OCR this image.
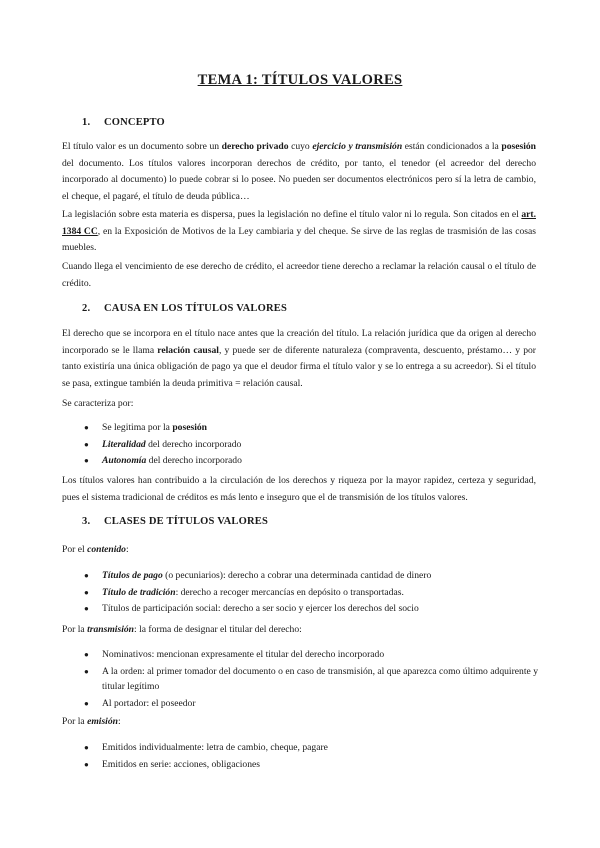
TEMA 1: TÍTULOS VALORES
1. CONCEPTO

El título valor es un documento sobre un derecho privado cuyo ejercicio y transmisión están condicionados a la posesión del documento. Los títulos valores incorporan derechos de crédito, por tanto, el tenedor (el acreedor del derecho incorporado al documento) lo puede cobrar si lo posee. No pueden ser documentos electrónicos pero sí la letra de cambio, el cheque, el pagaré, el título de deuda pública…

La legislación sobre esta materia es dispersa, pues la legislación no define el título valor ni lo regula. Son citados en el art. 1384 CC, en la Exposición de Motivos de la Ley cambiaria y del cheque. Se sirve de las reglas de trasmisión de las cosas muebles.

Cuando llega el vencimiento de ese derecho de crédito, el acreedor tiene derecho a reclamar la relación causal o el título de crédito.

2. CAUSA EN LOS TÍTULOS VALORES

El derecho que se incorpora en el título nace antes que la creación del título. La relación jurídica que da origen al derecho incorporado se le llama relación causal, y puede ser de diferente naturaleza (compraventa, descuento, préstamo… y por tanto existiría una única obligación de pago ya que el deudor firma el título valor y se lo entrega a su acreedor). Si el título se pasa, extingue también la deuda primitiva = relación causal.

Se caracteriza por:
● Se legitima por la posesión
● Literalidad del derecho incorporado
● Autonomía del derecho incorporado

Los títulos valores han contribuido a la circulación de los derechos y riqueza por la mayor rapidez, certeza y seguridad, pues el sistema tradicional de créditos es más lento e inseguro que el de transmisión de los títulos valores.

3. CLASES DE TÍTULOS VALORES
Por el contenido:
● Títulos de pago (o pecuniarios): derecho a cobrar una determinada cantidad de dinero
● Título de tradición: derecho a recoger mercancías en depósito o transportadas.
● Títulos de participación social: derecho a ser socio y ejercer los derechos del socio
Por la transmisión: la forma de designar el titular del derecho:
● Nominativos: mencionan expresamente el titular del derecho incorporado
● A la orden: al primer tomador del documento o en caso de transmisión, al que aparezca como último adquirente y titular legítimo
● Al portador: el poseedor
Por la emisión:
● Emitidos individualmente: letra de cambio, cheque, pagare
● Emitidos en serie: acciones, obligaciones
